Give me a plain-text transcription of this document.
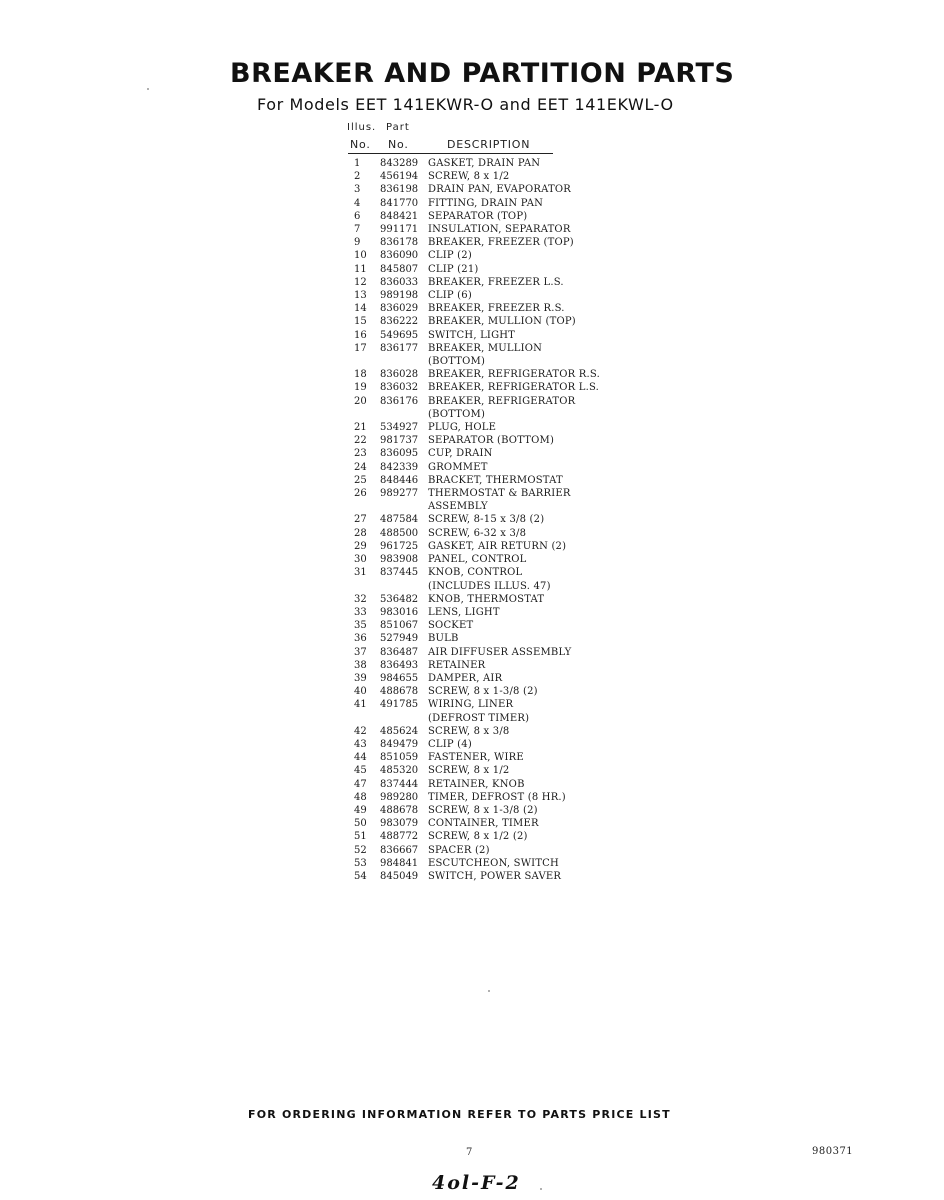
BREAKER AND PARTITION PARTS
For Models EET 141EKWR-O and EET 141EKWL-O
Illus. Part
No. No.	DESCRIPTION
1	843289 GASKET, DRAIN PAN
2	456194 SCREW, 8 x 1/2
3	836198 DRAIN PAN, EVAPORATOR
4	841770 FITTING, DRAIN PAN
6	848421 SEPARATOR (TOP)
7	991171 INSULATION, SEPARATOR
9	836178 BREAKER, FREEZER (TOP)
10	836090 CLIP (2)
11	845807 CLIP (21)
12	836033 BREAKER, FREEZER L.S.
13	989198 CLIP (6)
14	836029 BREAKER, FREEZER R.S.
15	836222 BREAKER, MULLION (TOP)
16	549695 SWITCH, LIGHT
17	836177 BREAKER, MULLION
(BOTTOM)
18	836028 BREAKER, REFRIGERATOR R.S.
19	836032 BREAKER, REFRIGERATOR L.S.
20	836176 BREAKER, REFRIGERATOR
(BOTTOM)
21	534927 PLUG, HOLE
22	981737 SEPARATOR (BOTTOM)
23	836095 CUP, DRAIN
24	842339 GROMMET
25	848446 BRACKET, THERMOSTAT
26	989277 THERMOSTAT & BARRIER
ASSEMBLY
27	487584 SCREW, 8-15 x 3/8 (2)
28	488500 SCREW, 6-32 x 3/8
29	961725 GASKET, AIR RETURN (2)
30	983908 PANEL, CONTROL
31	837445 KNOB, CONTROL
(INCLUDES ILLUS. 47)
32	536482 KNOB, THERMOSTAT
33	983016 LENS, LIGHT
35	851067 SOCKET
36	527949 BULB
37	836487 AIR DIFFUSER ASSEMBLY
38	836493 RETAINER
39	984655 DAMPER, AIR
40	488678 SCREW, 8 x 1-3/8 (2)
41	491785 WIRING, LINER
(DEFROST TIMER)
42	485624 SCREW, 8 x 3/8
43	849479 CLIP (4)
44	851059 FASTENER, WIRE
45	485320 SCREW, 8 x 1/2
47	837444 RETAINER, KNOB
48	989280 TIMER, DEFROST (8 HR.)
49	488678 SCREW, 8 x 1-3/8 (2)
50	983079 CONTAINER, TIMER
51	488772 SCREW, 8 x 1/2 (2)
52	836667 SPACER (2)
53	984841 ESCUTCHEON, SWITCH
54	845049 SWITCH, POWER SAVER
FOR ORDERING INFORMATION REFER TO PARTS PRICE LIST
7	980371
4ol-F-2
